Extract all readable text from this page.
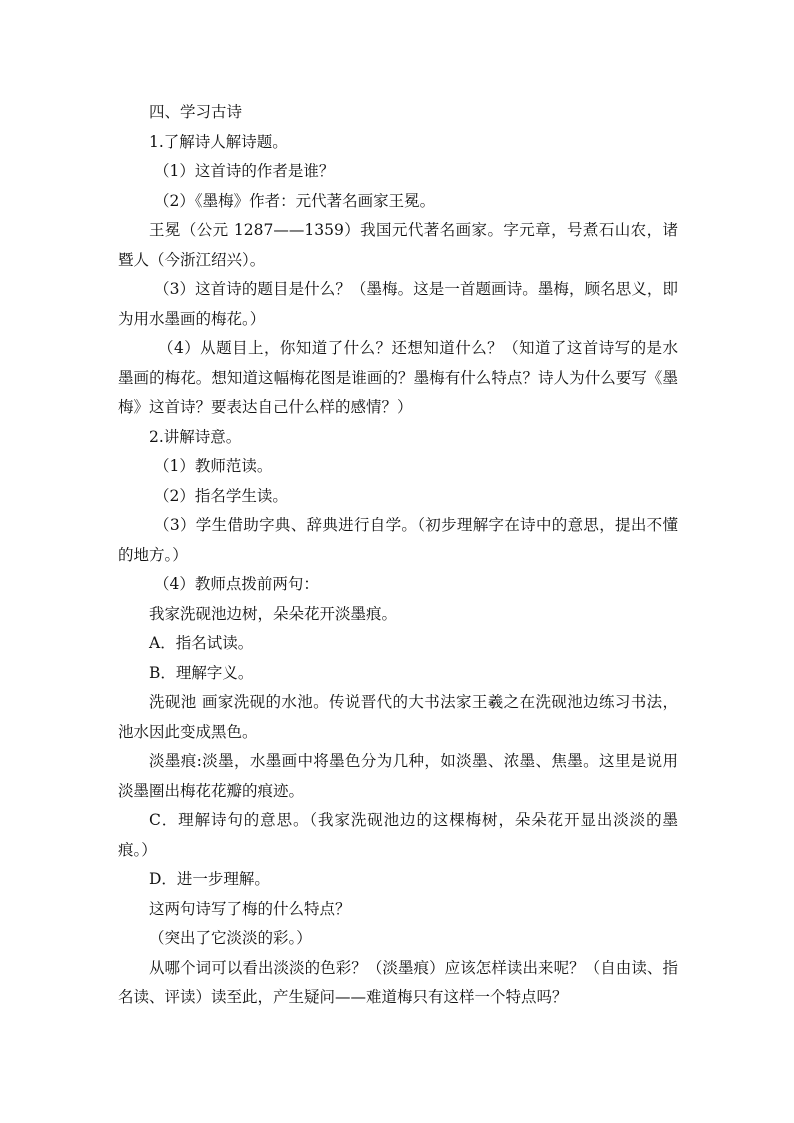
四、学习古诗

1.了解诗人解诗题。

（1）这首诗的作者是谁？

（2）《墨梅》作者：元代著名画家王冕。

王冕（公元 1287——1359）我国元代著名画家。字元章，号煮石山农，诸暨人（今浙江绍兴）。

（3）这首诗的题目是什么？（墨梅。这是一首题画诗。墨梅，顾名思义，即为用水墨画的梅花。）

（4）从题目上，你知道了什么？还想知道什么？（知道了这首诗写的是水墨画的梅花。想知道这幅梅花图是谁画的？墨梅有什么特点？诗人为什么要写《墨梅》这首诗？要表达自己什么样的感情？）

2.讲解诗意。

（1）教师范读。

（2）指名学生读。

（3）学生借助字典、辞典进行自学。（初步理解字在诗中的意思，提出不懂的地方。）

（4）教师点拨前两句：

我家洗砚池边树，朵朵花开淡墨痕。

A．指名试读。

B．理解字义。

洗砚池 画家洗砚的水池。传说晋代的大书法家王羲之在洗砚池边练习书法，池水因此变成黑色。

淡墨痕:淡墨，水墨画中将墨色分为几种，如淡墨、浓墨、焦墨。这里是说用淡墨圈出梅花花瓣的痕迹。

C．理解诗句的意思。（我家洗砚池边的这棵梅树，朵朵花开显出淡淡的墨痕。）

D．进一步理解。

这两句诗写了梅的什么特点？

（突出了它淡淡的彩。）

从哪个词可以看出淡淡的色彩？（淡墨痕）应该怎样读出来呢？（自由读、指名读、评读）读至此，产生疑问——难道梅只有这样一个特点吗？
